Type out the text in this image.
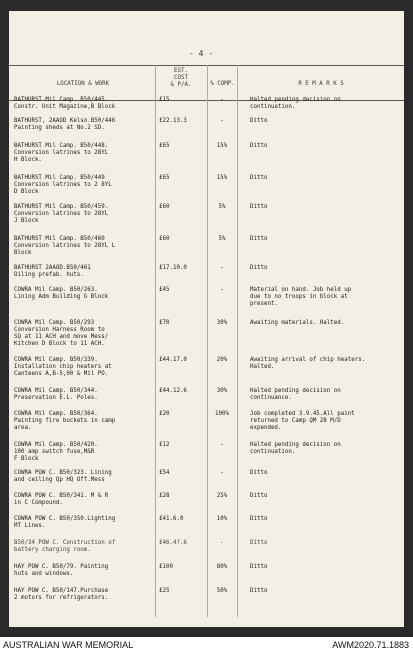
- 4 -
LOCATION & WORK
EST.
COST
& P/A.	% COMP.	R E M A R K S
BATHURST Mil Camp. B50/445.
Constr. Unit Magazine,B Block
£15	-	Halted pending decision on
continuation.
BATHURST, 2AAOD Kelso.B50/446
Painting sheds at No.2 SD.
£22.13.3	-	Ditto
BATHURST Mil Camp. B50/448.
Conversion latrines to 28YL
H Block.
£65	15%	Ditto
BATHURST Mil Camp. B50/449
Conversion latrines to 2 8YL
D Block
£65	15%	Ditto
BATHURST Mil Camp. B50/459.
Conversion latrines to 28YL
J Block
£60	5%	Ditto
BATHURST Mil Camp. B50/460
Conversion latrines to 28YL L
Block
£60	5%	Ditto
BATHURST 2AAOD.B50/461
Oiling prefab. huts.
£17.10.0	-	Ditto
COWRA Mil Camp. B50/263.
Lining Adm Building G Block
£45	-	Material on hand. Job held up
due to no troops in block at
present.
COWRA Mil Camp. B50/293
Conversion Harness Room to
SQ at 11 ACH and move Mess/
Kitchen D Block to 11 ACH.
£70	30%	Awaiting materials. Halted.
COWRA Mil Camp. B50/339.
Installation chip heaters at
Canteens A,B-5,00 & Mil PO.
£44.17.0	20%	Awaiting arrival of chip heaters.
Halted.
COWRA Mil Camp. B50/344.
Preservation E.L. Poles.
£44.12.6	30%	Halted pending decision on
continuance.
COWRA Mil Camp. B50/364.
Painting fire buckets in camp
area.
£20	100%	Job completed 3.9.45.All paint
returned to Camp QM 28 M/D
expended.
COWRA Mil Camp. B50/420.
100 amp switch fuse,M&R
F Block
£12	-	Halted pending decision on
continuation.
COWRA POW C. B50/323. Lining
and ceiling Qp HQ Off.Mess
£54	-	Ditto
COWRA POW C. B50/341. M & R
in C Compound.
£28	25%	Ditto
COWRA POW C. B50/350.Lighting
MT Lines.
£41.6.0	10%	Ditto
B50/34 POW C. Construction of
battery charging room.
£46.4?.6	-	Ditto
HAY POW C. B50/79. Painting
huts and windows.
£100	80%	Ditto
HAY POW C. B50/147.Purchase
2 motors for refrigerators.
£25	50%	Ditto
AUSTRALIAN WAR MEMORIAL	AWM2020.71.1883
